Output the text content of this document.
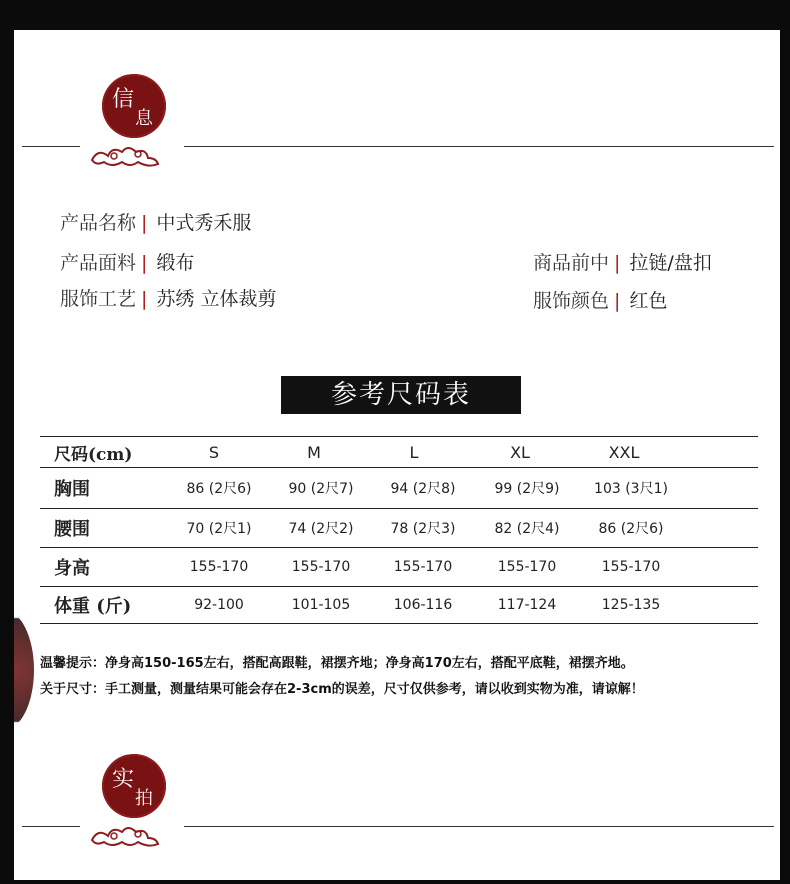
信
息
产品名称 | 中式秀禾服
产品面料 | 缎布
服饰工艺 | 苏绣 立体裁剪
商品前中 | 拉链/盘扣
服饰颜色 | 红色
参考尺码表
尺码(cm)	S	M	L	XL	XXL
胸围	86 (2尺6)	90 (2尺7)	94 (2尺8)	99 (2尺9)	103 (3尺1)
腰围	70 (2尺1)	74 (2尺2)	78 (2尺3)	82 (2尺4)	86 (2尺6)
身高	155-170	155-170	155-170	155-170	155-170
体重 (斤)	92-100	101-105	106-116	117-124	125-135
温馨提示：净身高150-165左右，搭配高跟鞋，裙摆齐地；净身高170左右，搭配平底鞋，裙摆齐地。
关于尺寸：手工测量，测量结果可能会存在2-3cm的误差，尺寸仅供参考，请以收到实物为准，请谅解！
实
拍
